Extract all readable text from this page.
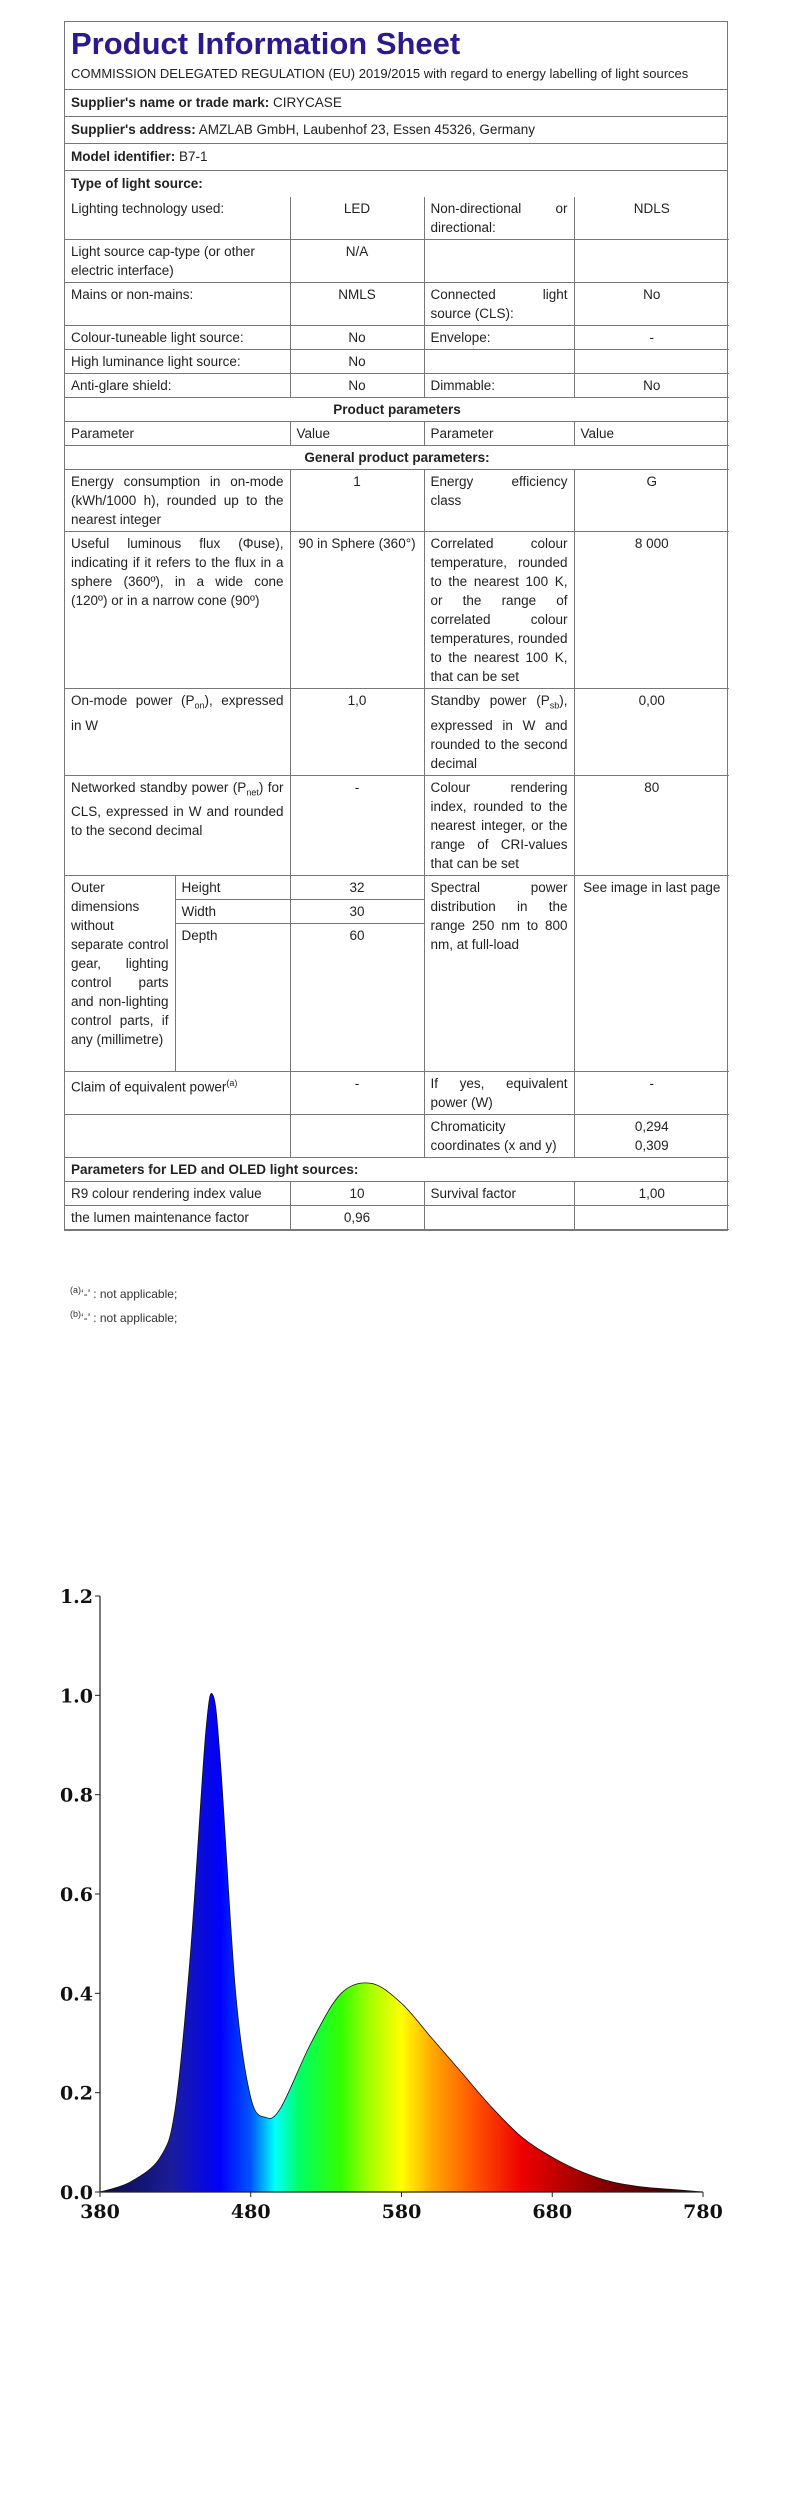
Product Information Sheet
COMMISSION DELEGATED REGULATION (EU) 2019/2015 with regard to energy labelling of light sources
Supplier's name or trade mark: CIRYCASE
Supplier's address: AMZLAB GmbH, Laubenhof 23, Essen 45326, Germany
Model identifier: B7-1
Type of light source:
Lighting technology used:		LED	Non-directional or directional:	NDLS
Light source cap-type (or other electric interface)		N/A		
Mains or non-mains:		NMLS	Connected light source (CLS):	No
Colour-tuneable light source:		No	Envelope:	-
High luminance light source:		No		
Anti-glare shield:		No	Dimmable:	No
Product parameters				
Parameter		Value	Parameter	Value
General product parameters:				
Energy consumption in on-mode (kWh/1000 h), rounded up to the nearest integer		1	Energy efficiency class	G
Useful luminous flux (Φuse), indicating if it refers to the flux in a sphere (360º), in a wide cone (120º) or in a narrow cone (90º)		90 in Sphere (360°)	Correlated colour temperature, rounded to the nearest 100 K, or the range of correlated colour temperatures, rounded to the nearest 100 K, that can be set	8 000
On-mode power $(P_{on})$, expressed in W		1,0	Standby power $(P_{sb})$, expressed in W and rounded to the second decimal	0,00
Networked standby power $(P_{net})$ for CLS, expressed in W and rounded to the second decimal		-	Colour rendering index, rounded to the nearest integer, or the range of CRI-values that can be set	80
Outer dimensions without separate control gear, lighting control parts and non-lighting control parts, if any (millimetre)	Height	32	Spectral power distribution in the range 250 nm to 800 nm, at full-load	See image in last page
	Width	30		
	Depth	60		
Claim of equivalent power$^{(a)}$		-	If yes, equivalent power (W)	-
			Chromaticity coordinates (x and y)	0,294
0,309

Parameters for LED and OLED light sources:				
R9 colour rendering index value		10	Survival factor	1,00
the lumen maintenance factor		0,96		
$^{(a)}$‘-’ : not applicable;
$^{(b)}$‘-’ : not applicable;
0.0
0.2
0.4
0.6
0.8
1.0
1.2
380	480	580	680	780
